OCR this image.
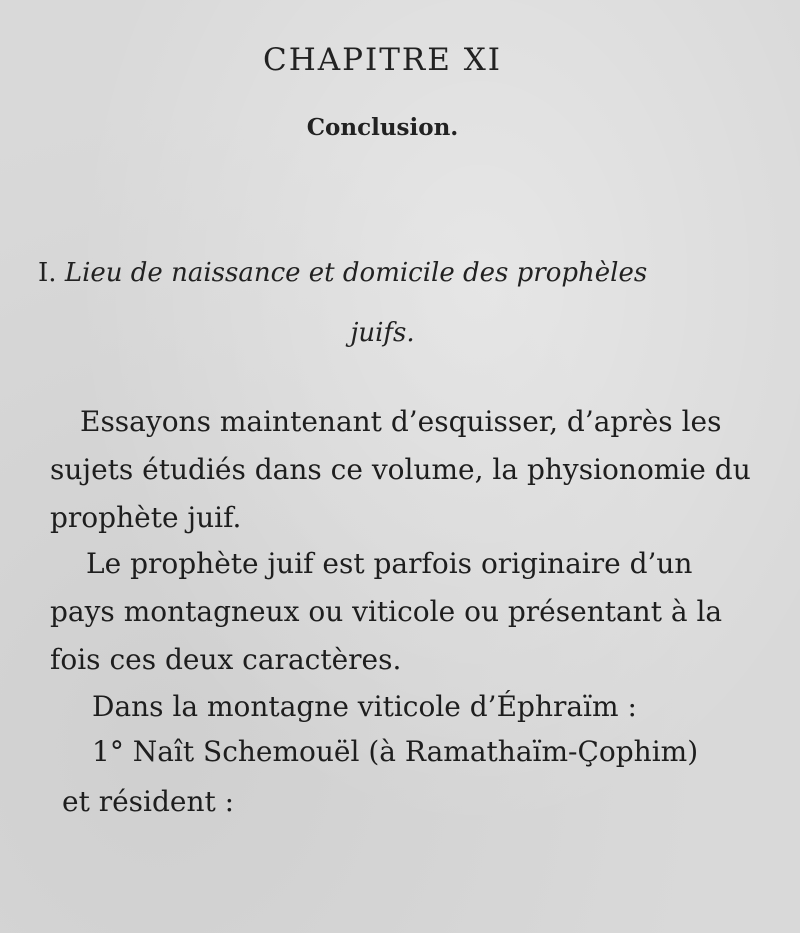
CHAPITRE XI
Conclusion.
I. Lieu de naissance et domicile des prophèles
juifs.
Essayons maintenant d’esquisser, d’après les sujets étudiés dans ce volume, la physionomie du prophète juif.
Le prophète juif est parfois originaire d’un pays montagneux ou viticole ou présentant à la fois ces deux caractères.
Dans la montagne viticole d’Éphraïm :
1° Naît Schemouël (à Ramathaïm-Çophim)
et résident :
